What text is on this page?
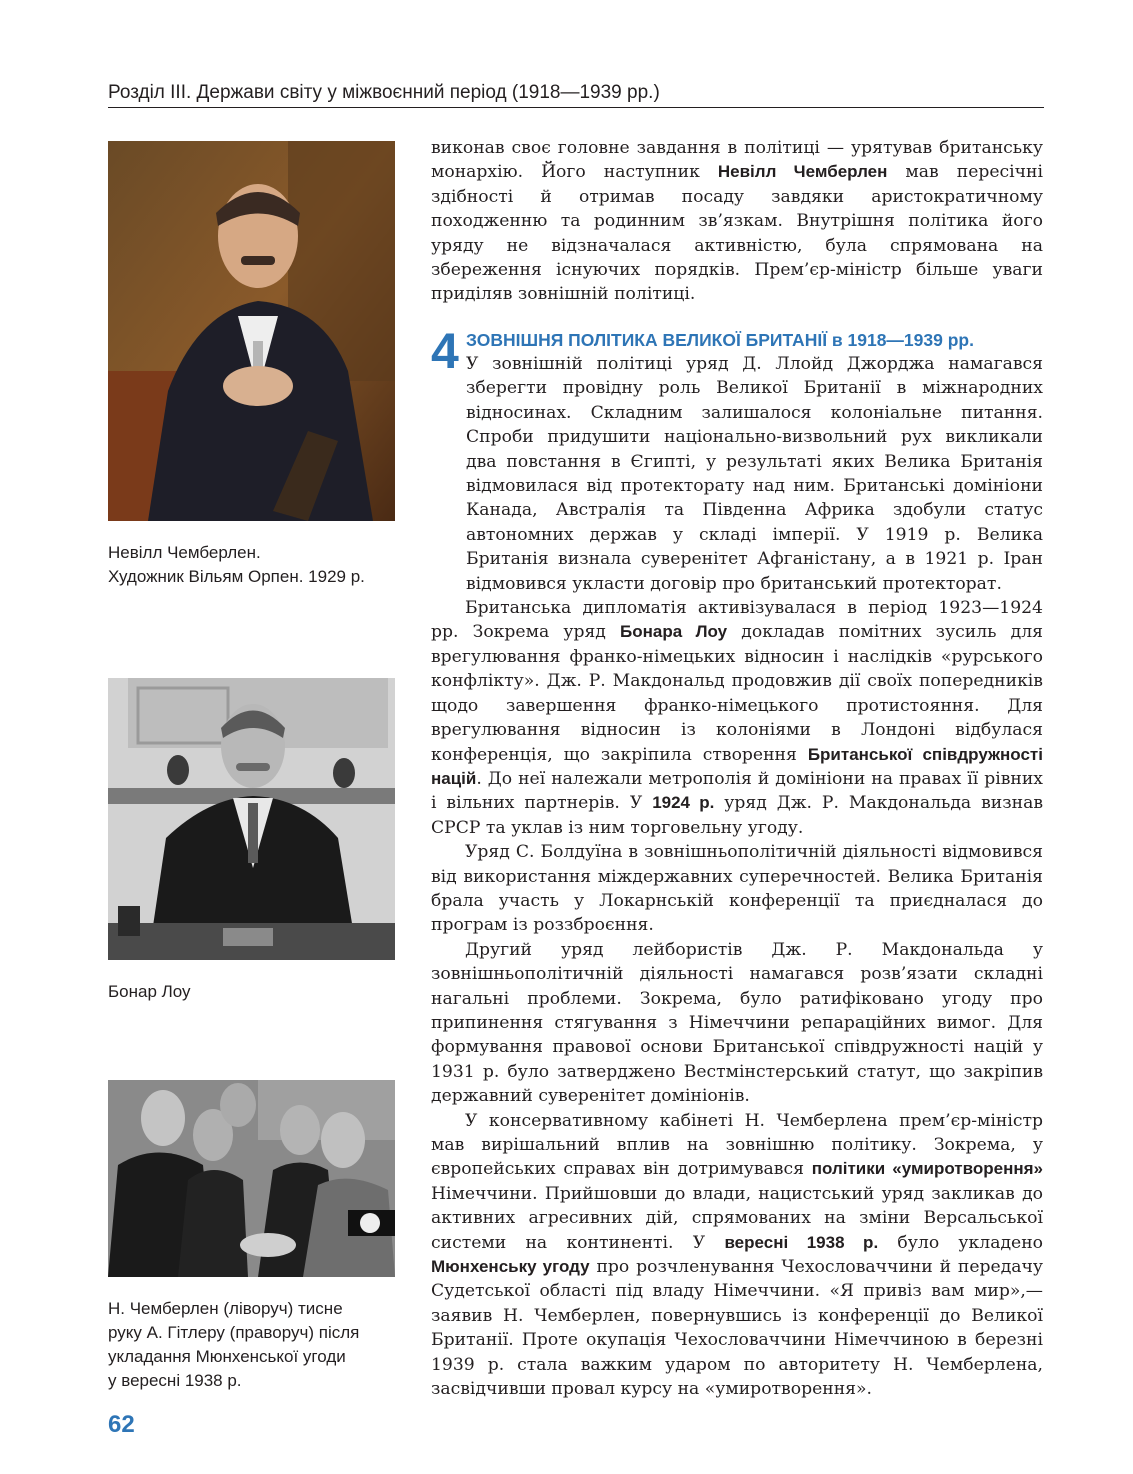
Розділ ІІІ. Держави світу у міжвоєнний період (1918—1939 рр.)
Невілл Чемберлен.
Художник Вільям Орпен. 1929 р.
Бонар Лоу
Н. Чемберлен (ліворуч) тисне
руку А. Гітлеру (праворуч) після
укладання Мюнхенської угоди
у вересні 1938 р.

виконав своє головне завдання в політиці — урятував британську монархію. Його наступник Невілл Чемберлен мав пересічні здібності й отримав посаду завдяки аристократичному походженню та родинним зв’язкам. Внутрішня політика його уряду не відзначалася активністю, була спрямована на збереження існуючих порядків. Прем’єр-міністр більше уваги приділяв зовнішній політиці.

4 ЗОВНІШНЯ ПОЛІТИКА ВЕЛИКОЇ БРИТАНІЇ в 1918—1939 рр.

У зовнішній політиці уряд Д. Ллойд Джорджа намагався зберегти провідну роль Великої Британії в міжнародних відносинах. Складним залишалося колоніальне питання. Спроби придушити національно-визвольний рух викликали два повстання в Єгипті, у результаті яких Велика Британія відмовилася від протекторату над ним. Британські домініони Канада, Австралія та Південна Африка здобули статус автономних держав у складі імперії. У 1919 р. Велика Британія визнала суверенітет Афганістану, а в 1921 р. Іран відмовився укласти договір про британський протекторат.

Британська дипломатія активізувалася в період 1923—1924 рр. Зокрема уряд Бонара Лоу докладав помітних зусиль для врегулювання франко-німецьких відносин і наслідків «рурського конфлікту». Дж. Р. Макдональд продовжив дії своїх попередників щодо завершення франко-німецького протистояння. Для врегулювання відносин із колоніями в Лондоні відбулася конференція, що закріпила створення Британської співдружності націй. До неї належали метрополія й домініони на правах її рівних і вільних партнерів. У 1924 р. уряд Дж. Р. Макдональда визнав СРСР та уклав із ним торговельну угоду.

Уряд С. Болдуїна в зовнішньополітичній діяльності відмовився від використання міждержавних суперечностей. Велика Британія брала участь у Локарнській конференції та приєдналася до програм із роззброєння.

Другий уряд лейбористів Дж. Р. Макдональда у зовнішньополітичній діяльності намагався розв’язати складні нагальні проблеми. Зокрема, було ратифіковано угоду про припинення стягування з Німеччини репараційних вимог. Для формування правової основи Британської співдружності націй у 1931 р. було затверджено Вестмінстерський статут, що закріпив державний суверенітет домініонів.

У консервативному кабінеті Н. Чемберлена прем’єр-міністр мав вирішальний вплив на зовнішню політику. Зокрема, у європейських справах він дотримувався політики «умиротворення» Німеччини. Прийшовши до влади, нацистський уряд закликав до активних агресивних дій, спрямованих на зміни Версальської системи на континенті. У вересні 1938 р. було укладено Мюнхенську угоду про розчленування Чехословаччини й передачу Судетської області під владу Німеччини. «Я привіз вам мир»,— заявив Н. Чемберлен, повернувшись із конференції до Великої Британії. Проте окупація Чехословаччини Німеччиною в березні 1939 р. стала важким ударом по авторитету Н. Чемберлена, засвідчивши провал курсу на «умиротворення».

62
